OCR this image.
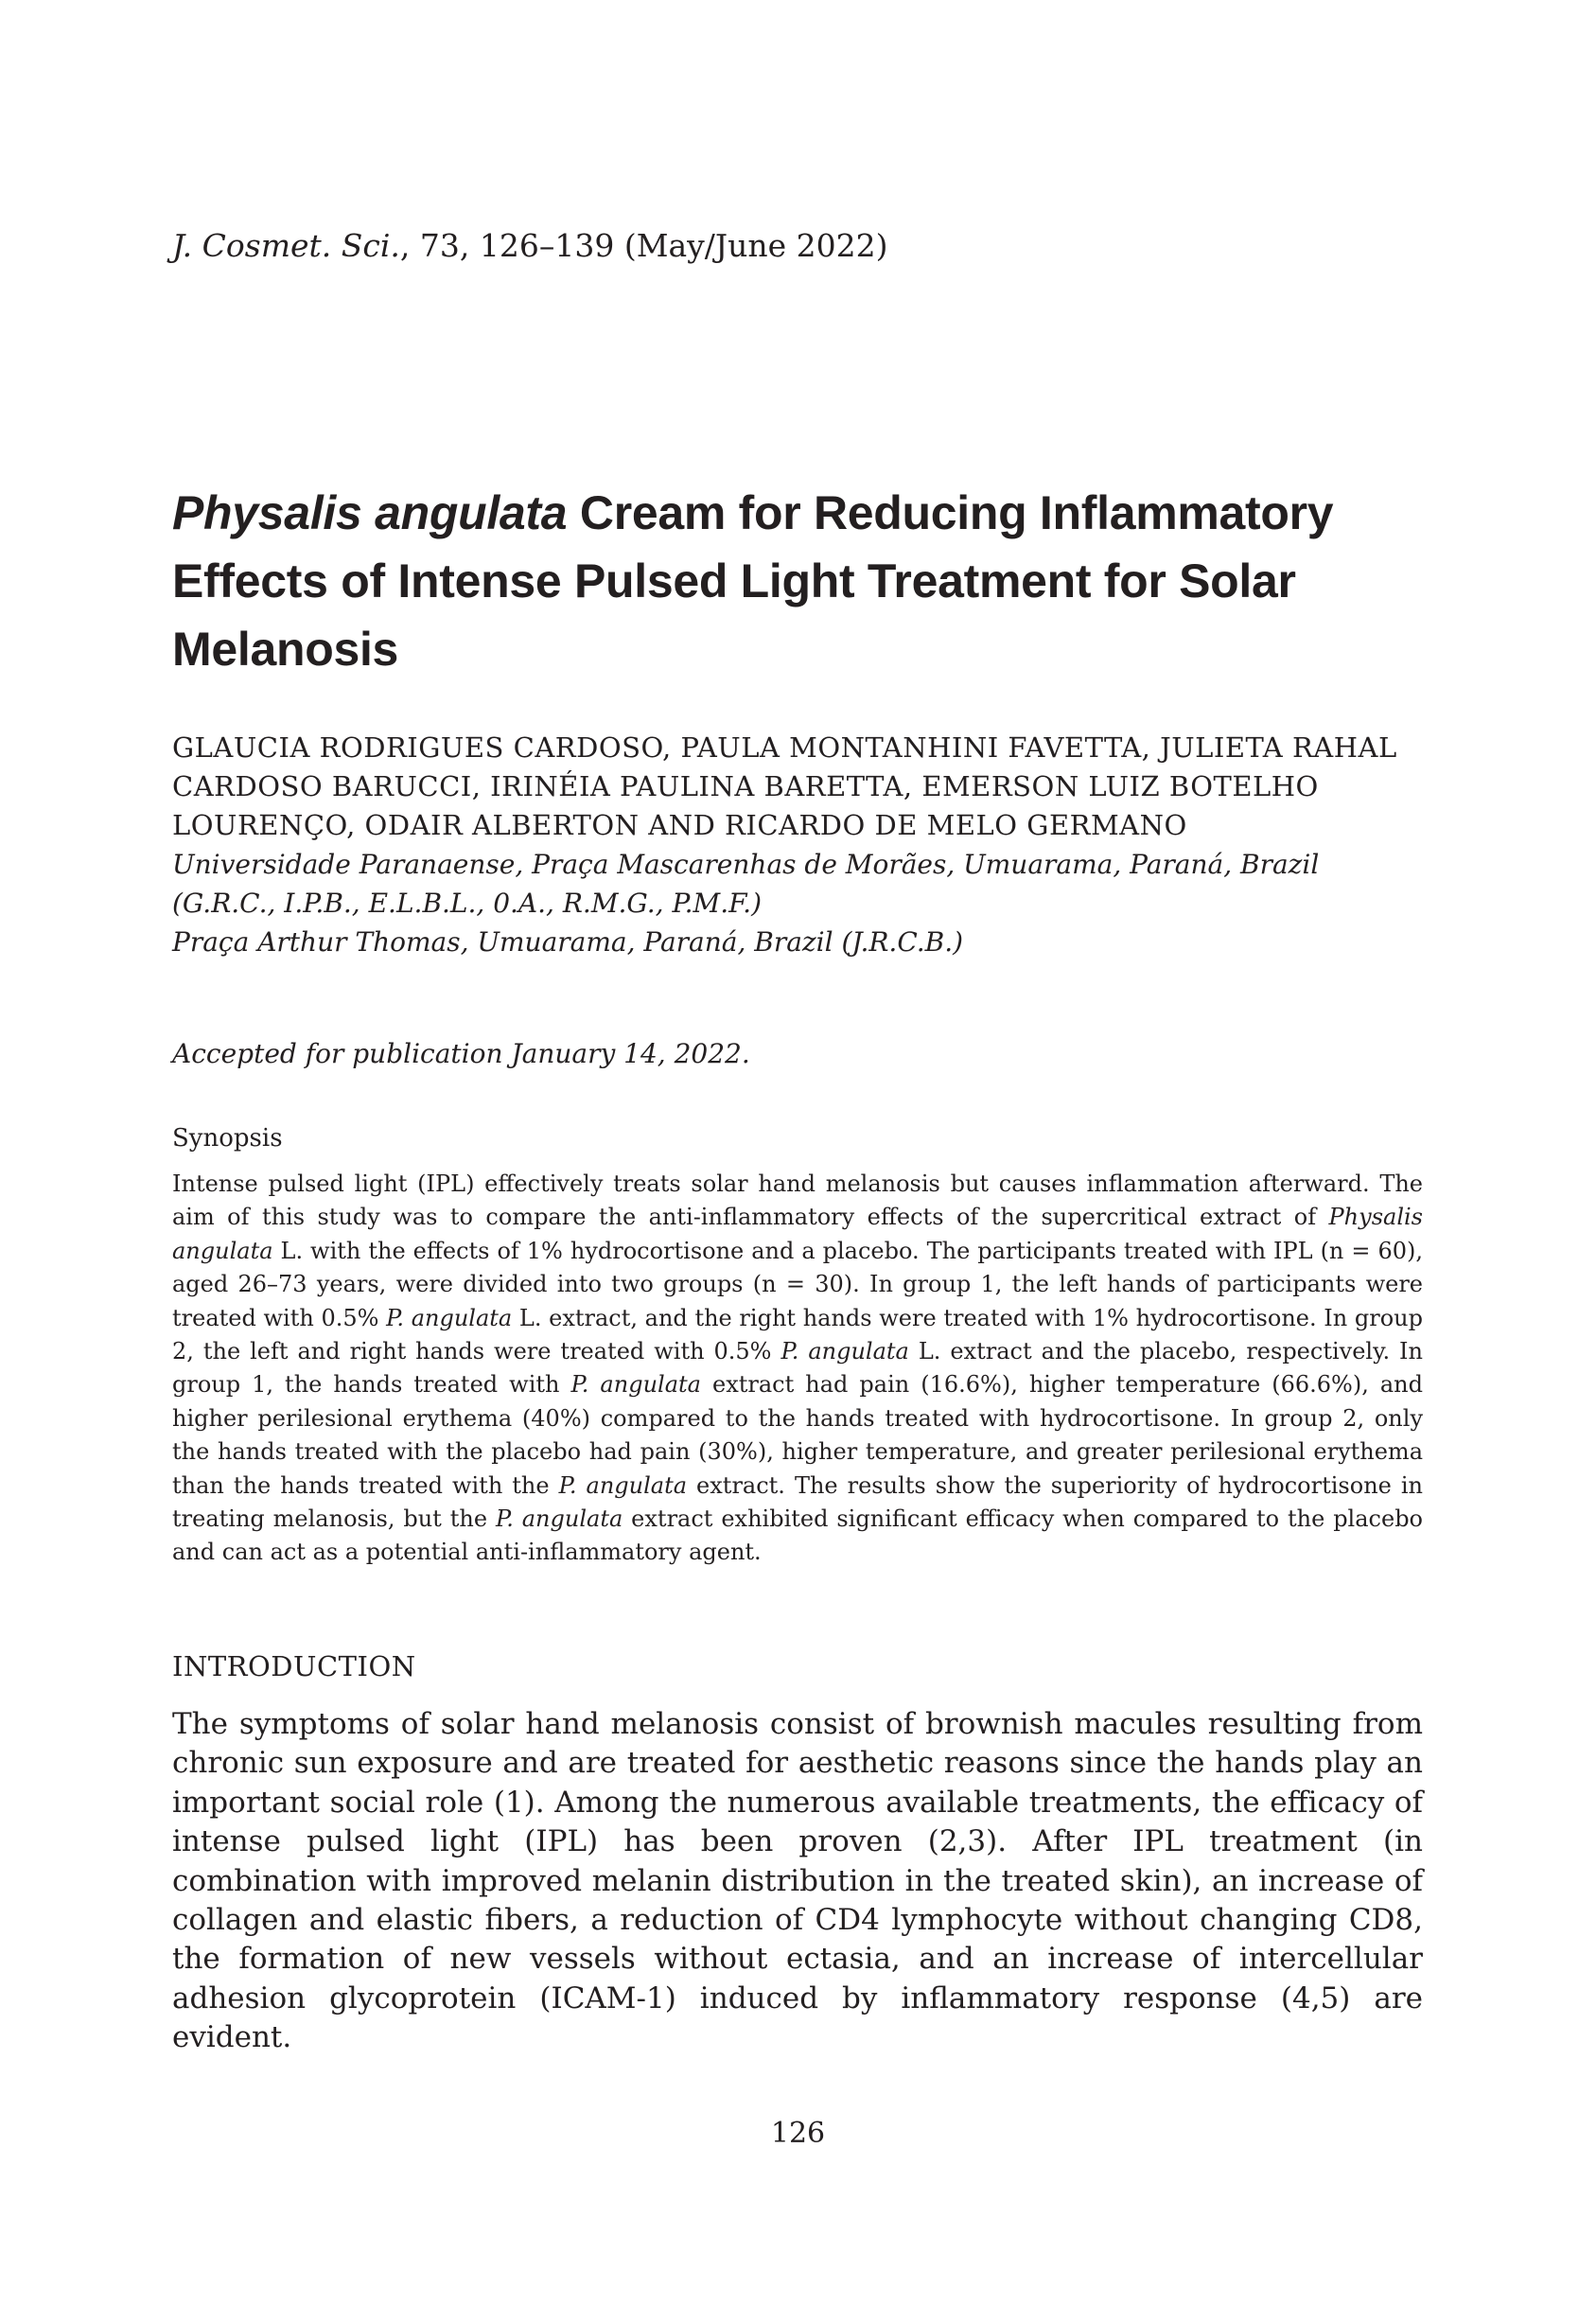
J. Cosmet. Sci., 73, 126–139 (May/June 2022)
Physalis angulata Cream for Reducing Inflammatory Effects of Intense Pulsed Light Treatment for Solar Melanosis

GLAUCIA RODRIGUES CARDOSO, PAULA MONTANHINI FAVETTA, JULIETA RAHAL CARDOSO BARUCCI, IRINÉIA PAULINA BARETTA, EMERSON LUIZ BOTELHO LOURENÇO, ODAIR ALBERTON AND RICARDO DE MELO GERMANO

Universidade Paranaense, Praça Mascarenhas de Morães, Umuarama, Paraná, Brazil
(G.R.C., I.P.B., E.L.B.L., 0.A., R.M.G., P.M.F.)
Praça Arthur Thomas, Umuarama, Paraná, Brazil (J.R.C.B.)

Accepted for publication January 14, 2022.

Synopsis

Intense pulsed light (IPL) effectively treats solar hand melanosis but causes inflammation afterward. The aim of this study was to compare the anti-inflammatory effects of the supercritical extract of Physalis angulata L. with the effects of 1% hydrocortisone and a placebo. The participants treated with IPL (n = 60), aged 26–73 years, were divided into two groups (n = 30). In group 1, the left hands of participants were treated with 0.5% P. angulata L. extract, and the right hands were treated with 1% hydrocortisone. In group 2, the left and right hands were treated with 0.5% P. angulata L. extract and the placebo, respectively. In group 1, the hands treated with P. angulata extract had pain (16.6%), higher temperature (66.6%), and higher perilesional erythema (40%) compared to the hands treated with hydrocortisone. In group 2, only the hands treated with the placebo had pain (30%), higher temperature, and greater perilesional erythema than the hands treated with the P. angulata extract. The results show the superiority of hydrocortisone in treating melanosis, but the P. angulata extract exhibited significant efficacy when compared to the placebo and can act as a potential anti-inflammatory agent.

INTRODUCTION

The symptoms of solar hand melanosis consist of brownish macules resulting from chronic sun exposure and are treated for aesthetic reasons since the hands play an important social role (1). Among the numerous available treatments, the efficacy of intense pulsed light (IPL) has been proven (2,3). After IPL treatment (in combination with improved melanin distribution in the treated skin), an increase of collagen and elastic fibers, a reduction of CD4 lymphocyte without changing CD8, the formation of new vessels without ectasia, and an increase of intercellular adhesion glycoprotein (ICAM-1) induced by inflammatory response (4,5) are evident.

126
